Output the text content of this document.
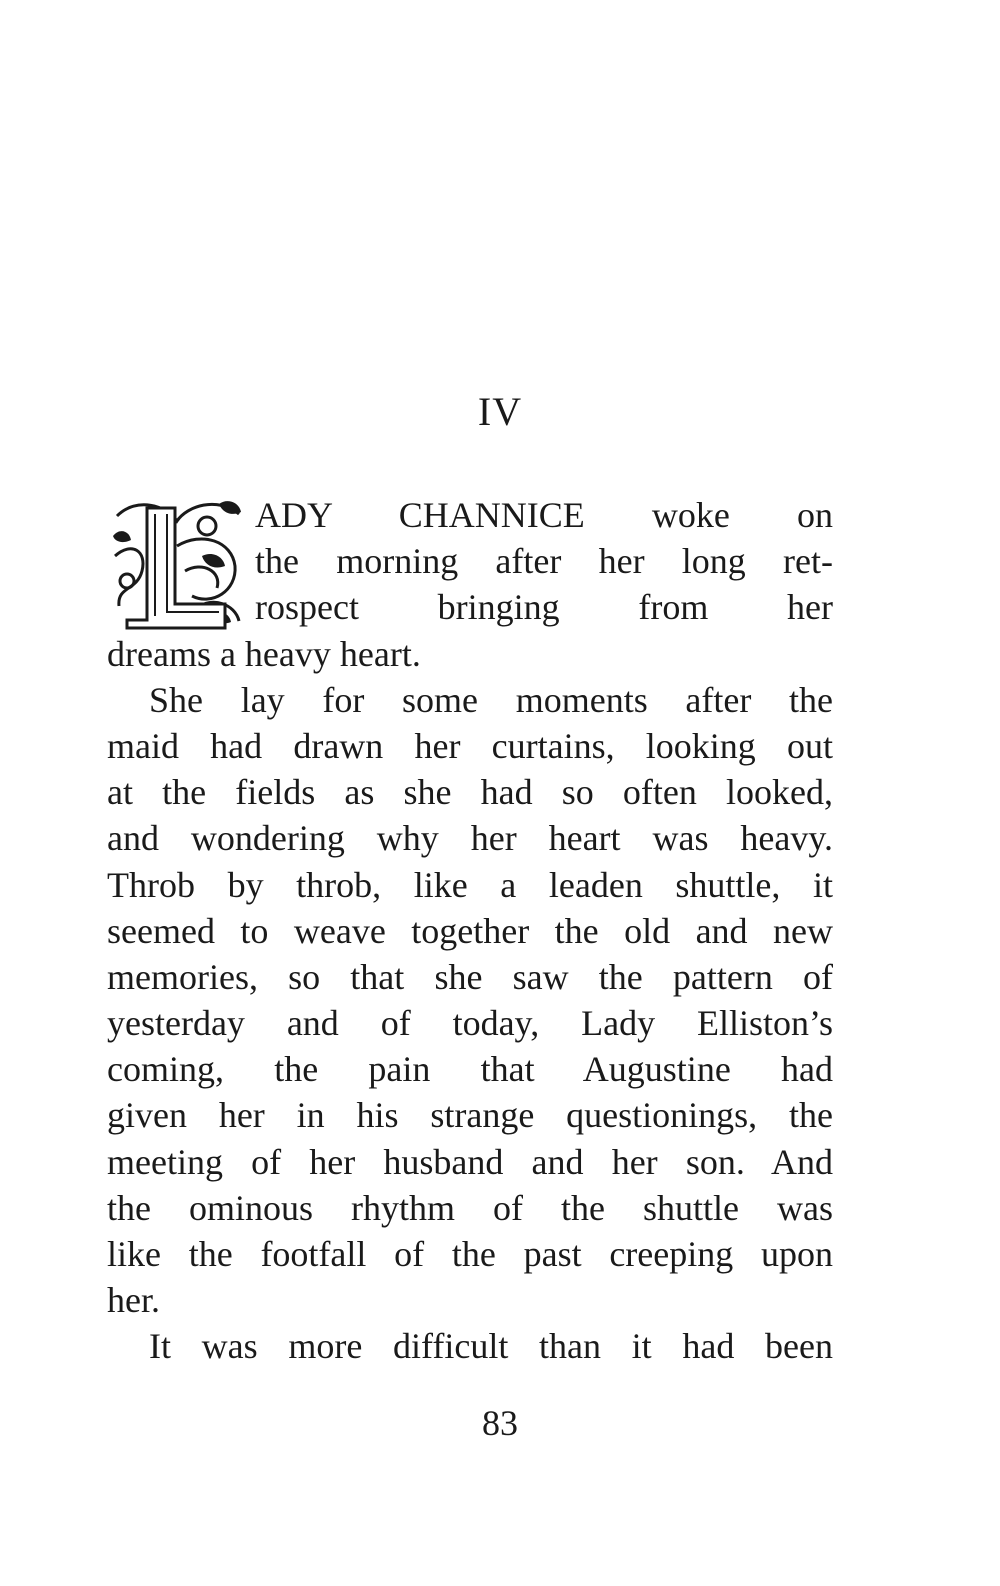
IV
ADY CHANNICE woke on
the morning after her long ret-
rospect bringing from her
dreams a heavy heart.
She lay for some moments after the
maid had drawn her curtains, looking out
at the fields as she had so often looked,
and wondering why her heart was heavy.
Throb by throb, like a leaden shuttle, it
seemed to weave together the old and new
memories, so that she saw the pattern of
yesterday and of today, Lady Elliston’s
coming, the pain that Augustine had
given her in his strange questionings, the
meeting of her husband and her son. And
the ominous rhythm of the shuttle was
like the footfall of the past creeping upon
her.
It was more difficult than it had been
83
